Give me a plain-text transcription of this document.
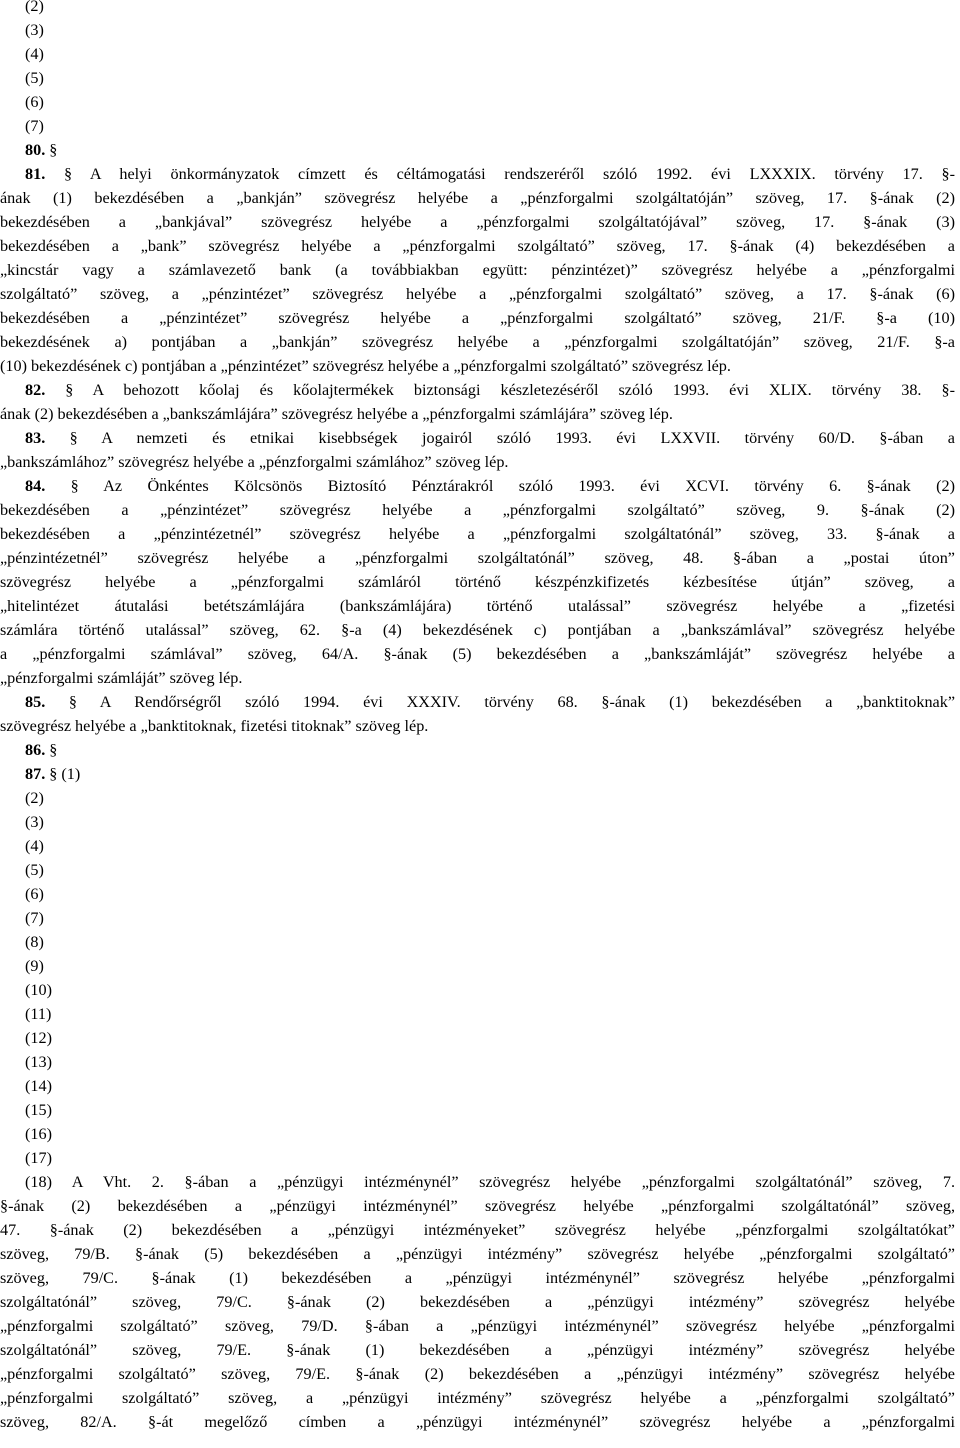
(2)
(3)
(4)
(5)
(6)
(7)
80. §
81. § A helyi önkormányzatok címzett és céltámogatási rendszeréről szóló 1992. évi LXXXIX. törvény 17. §-
ának (1) bekezdésében a „bankján” szövegrész helyébe a „pénzforgalmi szolgáltatóján” szöveg, 17. §-ának (2)
bekezdésében a „bankjával” szövegrész helyébe a „pénzforgalmi szolgáltatójával” szöveg, 17. §-ának (3)
bekezdésében a „bank” szövegrész helyébe a „pénzforgalmi szolgáltató” szöveg, 17. §-ának (4) bekezdésében a
„kincstár vagy a számlavezető bank (a továbbiakban együtt: pénzintézet)” szövegrész helyébe a „pénzforgalmi
szolgáltató” szöveg, a „pénzintézet” szövegrész helyébe a „pénzforgalmi szolgáltató” szöveg, a 17. §-ának (6)
bekezdésében a „pénzintézet” szövegrész helyébe a „pénzforgalmi szolgáltató” szöveg, 21/F. §-a (10)
bekezdésének a) pontjában a „bankján” szövegrész helyébe a „pénzforgalmi szolgáltatóján” szöveg, 21/F. §-a
(10) bekezdésének c) pontjában a „pénzintézet” szövegrész helyébe a „pénzforgalmi szolgáltató” szövegrész lép.
82. § A behozott kőolaj és kőolajtermékek biztonsági készletezéséről szóló 1993. évi XLIX. törvény 38. §-
ának (2) bekezdésében a „bankszámlájára” szövegrész helyébe a „pénzforgalmi számlájára” szöveg lép.
83. § A nemzeti és etnikai kisebbségek jogairól szóló 1993. évi LXXVII. törvény 60/D. §-ában a
„bankszámlához” szövegrész helyébe a „pénzforgalmi számlához” szöveg lép.
84. § Az Önkéntes Kölcsönös Biztosító Pénztárakról szóló 1993. évi XCVI. törvény 6. §-ának (2)
bekezdésében a „pénzintézet” szövegrész helyébe a „pénzforgalmi szolgáltató” szöveg, 9. §-ának (2)
bekezdésében a „pénzintézetnél” szövegrész helyébe a „pénzforgalmi szolgáltatónál” szöveg, 33. §-ának a
„pénzintézetnél” szövegrész helyébe a „pénzforgalmi szolgáltatónál” szöveg, 48. §-ában a „postai úton”
szövegrész helyébe a „pénzforgalmi számláról történő készpénzkifizetés kézbesítése útján” szöveg, a
„hitelintézet átutalási betétszámlájára (bankszámlájára) történő utalással” szövegrész helyébe a „fizetési
számlára történő utalással” szöveg, 62. §-a (4) bekezdésének c) pontjában a „bankszámlával” szövegrész helyébe
a „pénzforgalmi számlával” szöveg, 64/A. §-ának (5) bekezdésében a „bankszámláját” szövegrész helyébe a
„pénzforgalmi számláját” szöveg lép.
85. § A Rendőrségről szóló 1994. évi XXXIV. törvény 68. §-ának (1) bekezdésében a „banktitoknak”
szövegrész helyébe a „banktitoknak, fizetési titoknak” szöveg lép.
86. §
87. § (1)
(2)
(3)
(4)
(5)
(6)
(7)
(8)
(9)
(10)
(11)
(12)
(13)
(14)
(15)
(16)
(17)
(18) A Vht. 2. §-ában a „pénzügyi intézménynél” szövegrész helyébe „pénzforgalmi szolgáltatónál” szöveg, 7.
§-ának (2) bekezdésében a „pénzügyi intézménynél” szövegrész helyébe „pénzforgalmi szolgáltatónál” szöveg,
47. §-ának (2) bekezdésében a „pénzügyi intézményeket” szövegrész helyébe „pénzforgalmi szolgáltatókat”
szöveg, 79/B. §-ának (5) bekezdésében a „pénzügyi intézmény” szövegrész helyébe „pénzforgalmi szolgáltató”
szöveg, 79/C. §-ának (1) bekezdésében a „pénzügyi intézménynél” szövegrész helyébe „pénzforgalmi
szolgáltatónál” szöveg, 79/C. §-ának (2) bekezdésében a „pénzügyi intézmény” szövegrész helyébe
„pénzforgalmi szolgáltató” szöveg, 79/D. §-ában a „pénzügyi intézménynél” szövegrész helyébe „pénzforgalmi
szolgáltatónál” szöveg, 79/E. §-ának (1) bekezdésében a „pénzügyi intézmény” szövegrész helyébe
„pénzforgalmi szolgáltató” szöveg, 79/E. §-ának (2) bekezdésében a „pénzügyi intézmény” szövegrész helyébe
„pénzforgalmi szolgáltató” szöveg, a „pénzügyi intézmény” szövegrész helyébe a „pénzforgalmi szolgáltató”
szöveg, 82/A. §-át megelőző címben a „pénzügyi intézménynél” szövegrész helyébe a „pénzforgalmi
